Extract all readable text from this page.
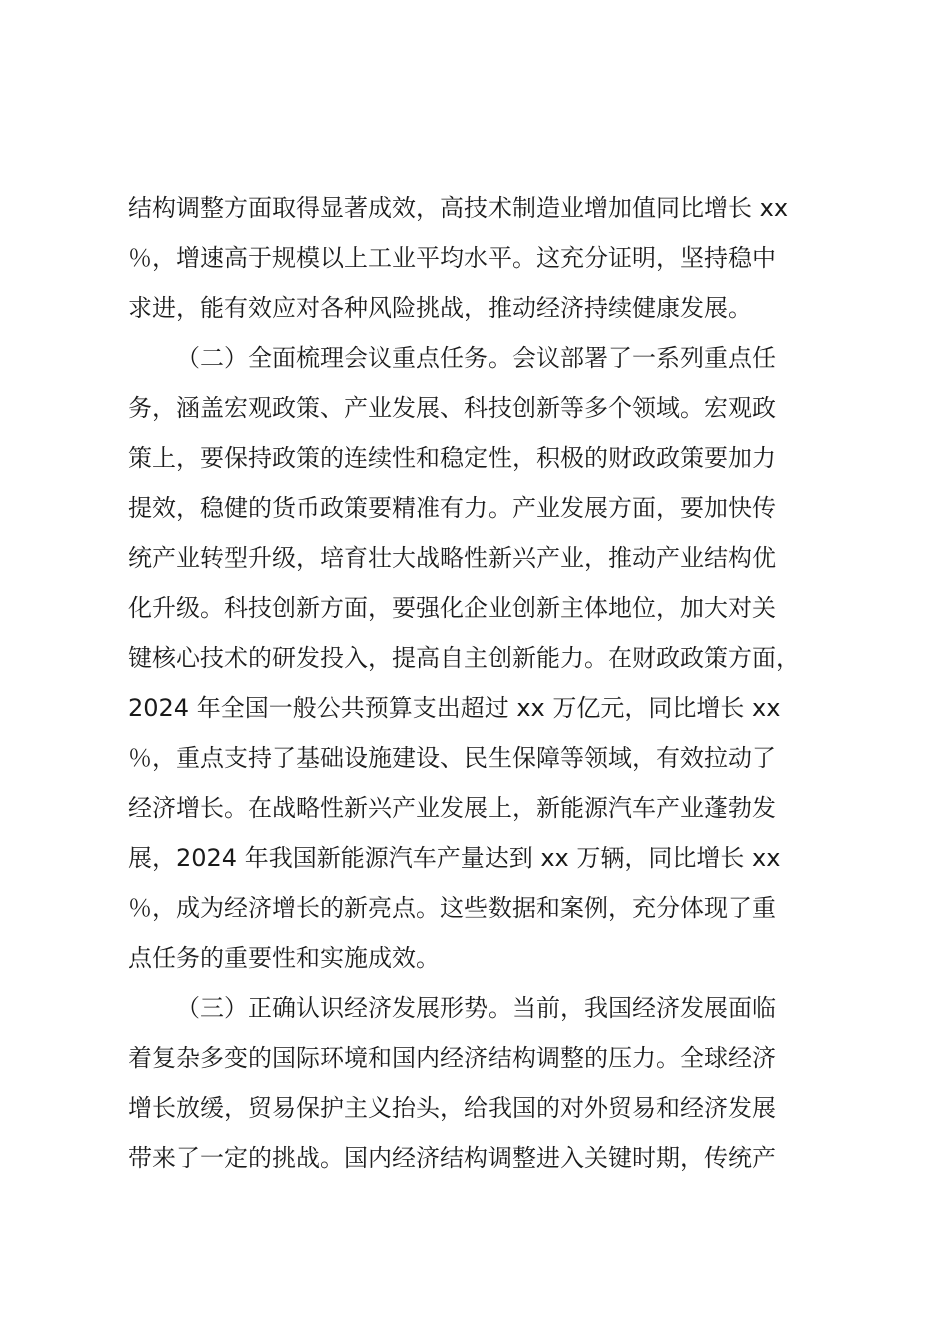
结构调整方面取得显著成效，高技术制造业增加值同比增长 xx
％，增速高于规模以上工业平均水平。这充分证明，坚持稳中
求进，能有效应对各种风险挑战，推动经济持续健康发展。
（二）全面梳理会议重点任务。会议部署了一系列重点任
务，涵盖宏观政策、产业发展、科技创新等多个领域。宏观政
策上，要保持政策的连续性和稳定性，积极的财政政策要加力
提效，稳健的货币政策要精准有力。产业发展方面，要加快传
统产业转型升级，培育壮大战略性新兴产业，推动产业结构优
化升级。科技创新方面，要强化企业创新主体地位，加大对关
键核心技术的研发投入，提高自主创新能力。在财政政策方面，
2024 年全国一般公共预算支出超过 xx 万亿元，同比增长 xx
％，重点支持了基础设施建设、民生保障等领域，有效拉动了
经济增长。在战略性新兴产业发展上，新能源汽车产业蓬勃发
展，2024 年我国新能源汽车产量达到 xx 万辆，同比增长 xx
％，成为经济增长的新亮点。这些数据和案例，充分体现了重
点任务的重要性和实施成效。
（三）正确认识经济发展形势。当前，我国经济发展面临
着复杂多变的国际环境和国内经济结构调整的压力。全球经济
增长放缓，贸易保护主义抬头，给我国的对外贸易和经济发展
带来了一定的挑战。国内经济结构调整进入关键时期，传统产
